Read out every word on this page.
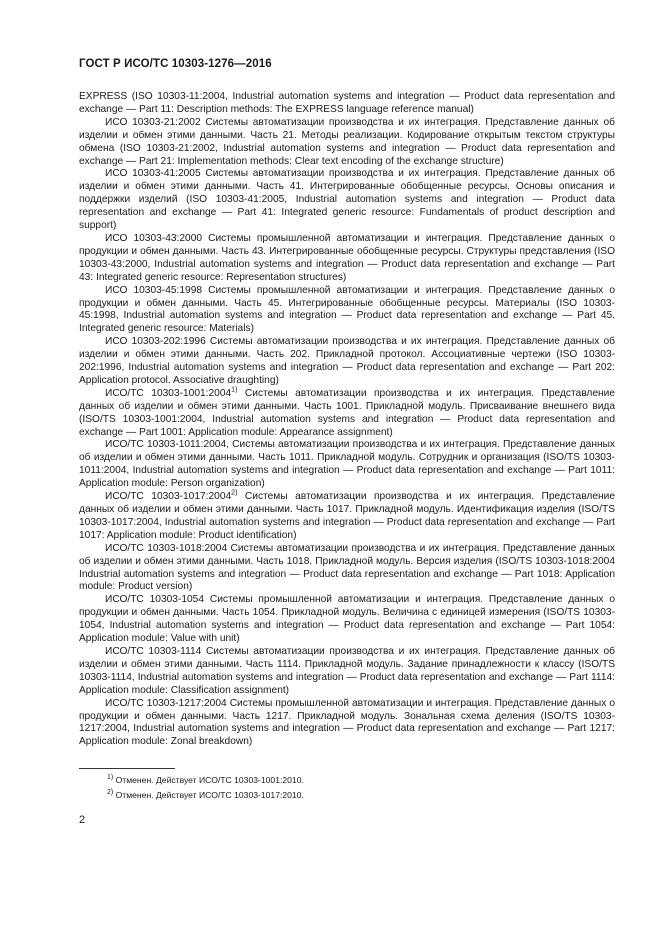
ГОСТ Р ИСО/ТС 10303-1276—2016

EXPRESS (ISO 10303-11:2004, Industrial automation systems and integration — Product data representation and exchange — Part 11: Description methods: The EXPRESS language reference manual)

ИСО 10303-21:2002 Системы автоматизации производства и их интеграция. Представление данных об изделии и обмен этими данными. Часть 21. Методы реализации. Кодирование открытым текстом структуры обмена (ISO 10303-21:2002, Industrial automation systems and integration — Product data representation and exchange — Part 21: Implementation methods: Clear text encoding of the exchange structure)

ИСО 10303-41:2005 Системы автоматизации производства и их интеграция. Представление данных об изделии и обмен этими данными. Часть 41. Интегрированные обобщенные ресурсы. Основы описания и поддержки изделий (ISO 10303-41:2005, Industrial automation systems and integration — Product data representation and exchange — Part 41: Integrated generic resource: Fundamentals of product description and support)

ИСО 10303-43:2000 Системы промышленной автоматизации и интеграция. Представление данных о продукции и обмен данными. Часть 43. Интегрированные обобщенные ресурсы. Структуры представления (ISO 10303-43:2000, Industrial automation systems and integration — Product data representation and exchange — Part 43: Integrated generic resource: Representation structures)

ИСО 10303-45:1998 Системы промышленной автоматизации и интеграция. Представление данных о продукции и обмен данными. Часть 45. Интегрированные обобщенные ресурсы. Материалы (ISO 10303-45:1998, Industrial automation systems and integration — Product data representation and exchange — Part 45. Integrated generic resource: Materials)

ИСО 10303-202:1996 Системы автоматизации производства и их интеграция. Представление данных об изделии и обмен этими данными. Часть 202. Прикладной протокол. Ассоциативные чертежи (ISO 10303-202:1996, Industrial automation systems and integration — Product data representation and exchange — Part 202: Application protocol. Associative draughting)

ИСО/ТС 10303-1001:2004$^{1)}$ Системы автоматизации производства и их интеграция. Представление данных об изделии и обмен этими данными. Часть 1001. Прикладной модуль. Присваивание внешнего вида (ISO/TS 10303-1001:2004, Industrial automation systems and integration — Product data representation and exchange — Part 1001: Application module: Appearance assignment)

ИСО/ТС 10303-1011:2004, Системы автоматизации производства и их интеграция. Представление данных об изделии и обмен этими данными. Часть 1011. Прикладной модуль. Сотрудник и организация (ISO/TS 10303-1011:2004, Industrial automation systems and integration — Product data representation and exchange — Part 1011: Application module: Person organization)

ИСО/ТС 10303-1017:2004$^{2)}$ Системы автоматизации производства и их интеграция. Представление данных об изделии и обмен этими данными. Часть 1017. Прикладной модуль. Идентификация изделия (ISO/TS 10303-1017:2004, Industrial automation systems and integration — Product data representation and exchange — Part 1017: Application module: Product identification)

ИСО/ТС 10303-1018:2004 Системы автоматизации производства и их интеграция. Представление данных об изделии и обмен этими данными. Часть 1018. Прикладной модуль. Версия изделия (ISO/TS 10303-1018:2004 Industrial automation systems and integration — Product data representation and exchange — Part 1018: Application module: Product version)

ИСО/ТС 10303-1054 Системы промышленной автоматизации и интеграция. Представление данных о продукции и обмен данными. Часть 1054. Прикладной модуль. Величина с единицей измерения (ISO/TS 10303-1054, Industrial automation systems and integration — Product data representation and exchange — Part 1054: Application module: Value with unit)

ИСО/ТС 10303-1114 Системы автоматизации производства и их интеграция. Представление данных об изделии и обмен этими данными. Часть 1114. Прикладной модуль. Задание принадлежности к классу (ISO/TS 10303-1114, Industrial automation systems and integration — Product data representation and exchange — Part 1114: Application module: Classification assignment)

ИСО/ТС 10303-1217:2004 Системы промышленной автоматизации и интеграция. Представление данных о продукции и обмен данными. Часть 1217. Прикладной модуль. Зональная схема деления (ISO/TS 10303-1217:2004, Industrial automation systems and integration — Product data representation and exchange — Part 1217: Application module: Zonal breakdown)

$^{1)}$ Отменен. Действует ИСО/ТС 10303-1001:2010.

$^{2)}$ Отменен. Действует ИСО/ТС 10303-1017:2010.

2
